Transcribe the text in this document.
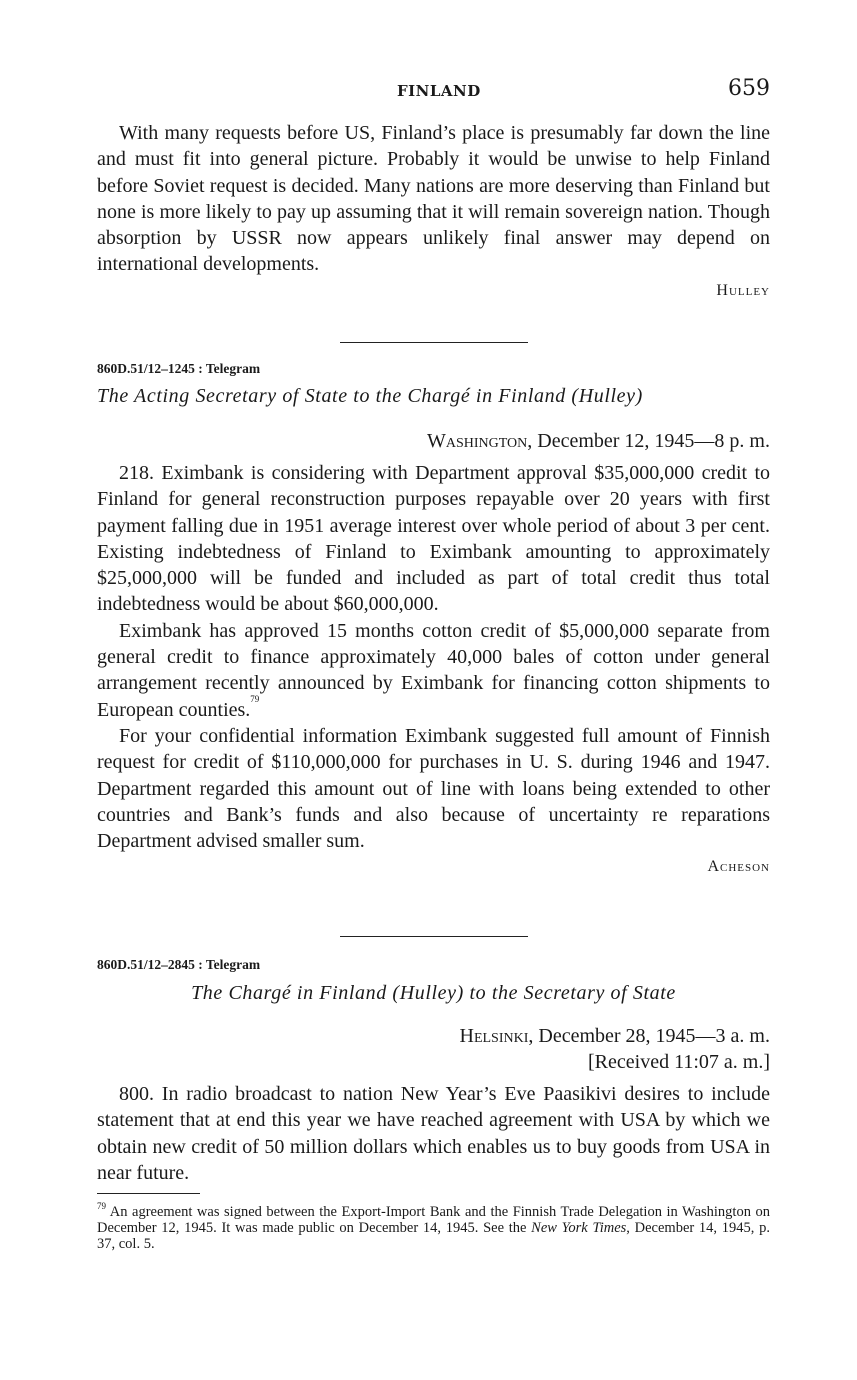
FINLAND	659

With many requests before US, Finland’s place is presumably far down the line and must fit into general picture. Probably it would be unwise to help Finland before Soviet request is decided. Many nations are more deserving than Finland but none is more likely to pay up assuming that it will remain sovereign nation. Though absorption by USSR now appears unlikely final answer may depend on international developments.

Hulley
860D.51/12–1245 : Telegram
The Acting Secretary of State to the Chargé in Finland (Hulley)
Washington, December 12, 1945—8 p. m.

218. Eximbank is considering with Department approval $35,000,000 credit to Finland for general reconstruction purposes repayable over 20 years with first payment falling due in 1951 average interest over whole period of about 3 per cent. Existing indebtedness of Finland to Eximbank amounting to approximately $25,000,000 will be funded and included as part of total credit thus total indebtedness would be about $60,000,000.

Eximbank has approved 15 months cotton credit of $5,000,000 separate from general credit to finance approximately 40,000 bales of cotton under general arrangement recently announced by Eximbank for financing cotton shipments to European counties.$^{79}$

For your confidential information Eximbank suggested full amount of Finnish request for credit of $110,000,000 for purchases in U. S. during 1946 and 1947. Department regarded this amount out of line with loans being extended to other countries and Bank’s funds and also because of uncertainty re reparations Department advised smaller sum.

Acheson
860D.51/12–2845 : Telegram
The Chargé in Finland (Hulley) to the Secretary of State
Helsinki, December 28, 1945—3 a. m.
[Received 11:07 a. m.]

800. In radio broadcast to nation New Year’s Eve Paasikivi desires to include statement that at end this year we have reached agreement with USA by which we obtain new credit of 50 million dollars which enables us to buy goods from USA in near future.

$^{79}$ An agreement was signed between the Export-Import Bank and the Finnish Trade Delegation in Washington on December 12, 1945. It was made public on December 14, 1945. See the New York Times, December 14, 1945, p. 37, col. 5.
